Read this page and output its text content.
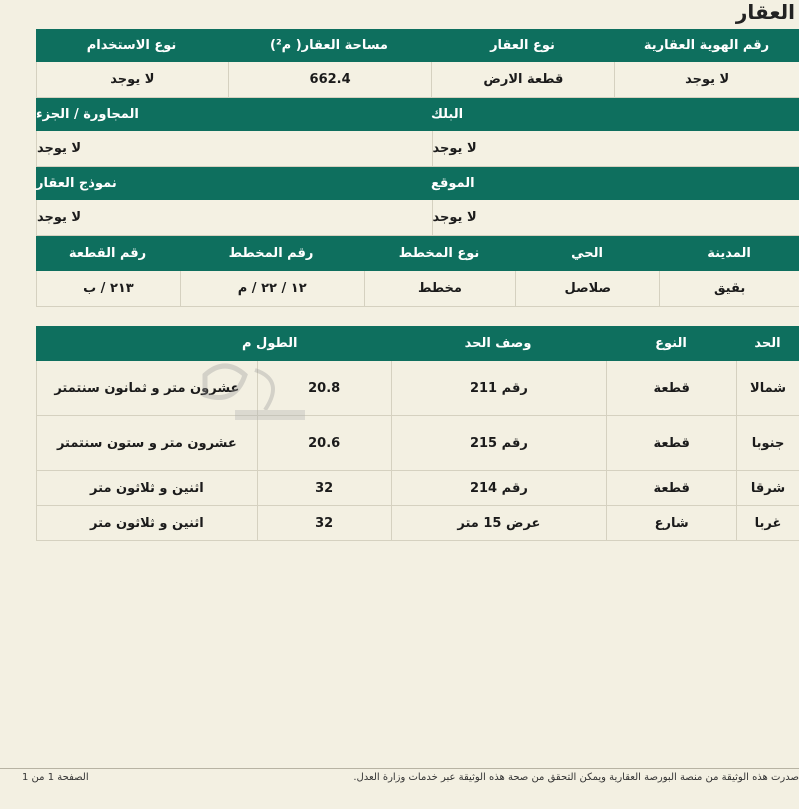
العقار
رقم الهوية العقارية
نوع العقار
مساحة العقار( م²)
نوع الاستخدام
لا يوجد
قطعة الارض
662.4
لا يوجد
البلك
المجاورة / الجزء
لا يوجد
لا يوجد
الموقع
نموذج العقار
لا يوجد
لا يوجد
المدينة
الحي
نوع المخطط
رقم المخطط
رقم القطعة
بقيق
صلاصل
مخطط
١٢ / ٢٢ / م
٢١٣ / ب
الحد
النوع
وصف الحد
الطول م
شمالا
قطعة
رقم 211
20.8
عشرون متر و ثمانون سنتمتر
جنوبا
قطعة
رقم 215
20.6
عشرون متر و ستون سنتمتر
شرقا
قطعة
رقم 214
32
اثنين و ثلاثون متر
غربا
شارع
عرض 15 متر
32
اثنين و ثلاثون متر
صدرت هذه الوثيقة من منصة البورصة العقارية ويمكن التحقق من صحة هذه الوثيقة عبر خدمات وزارة العدل.
الصفحة 1 من 1
